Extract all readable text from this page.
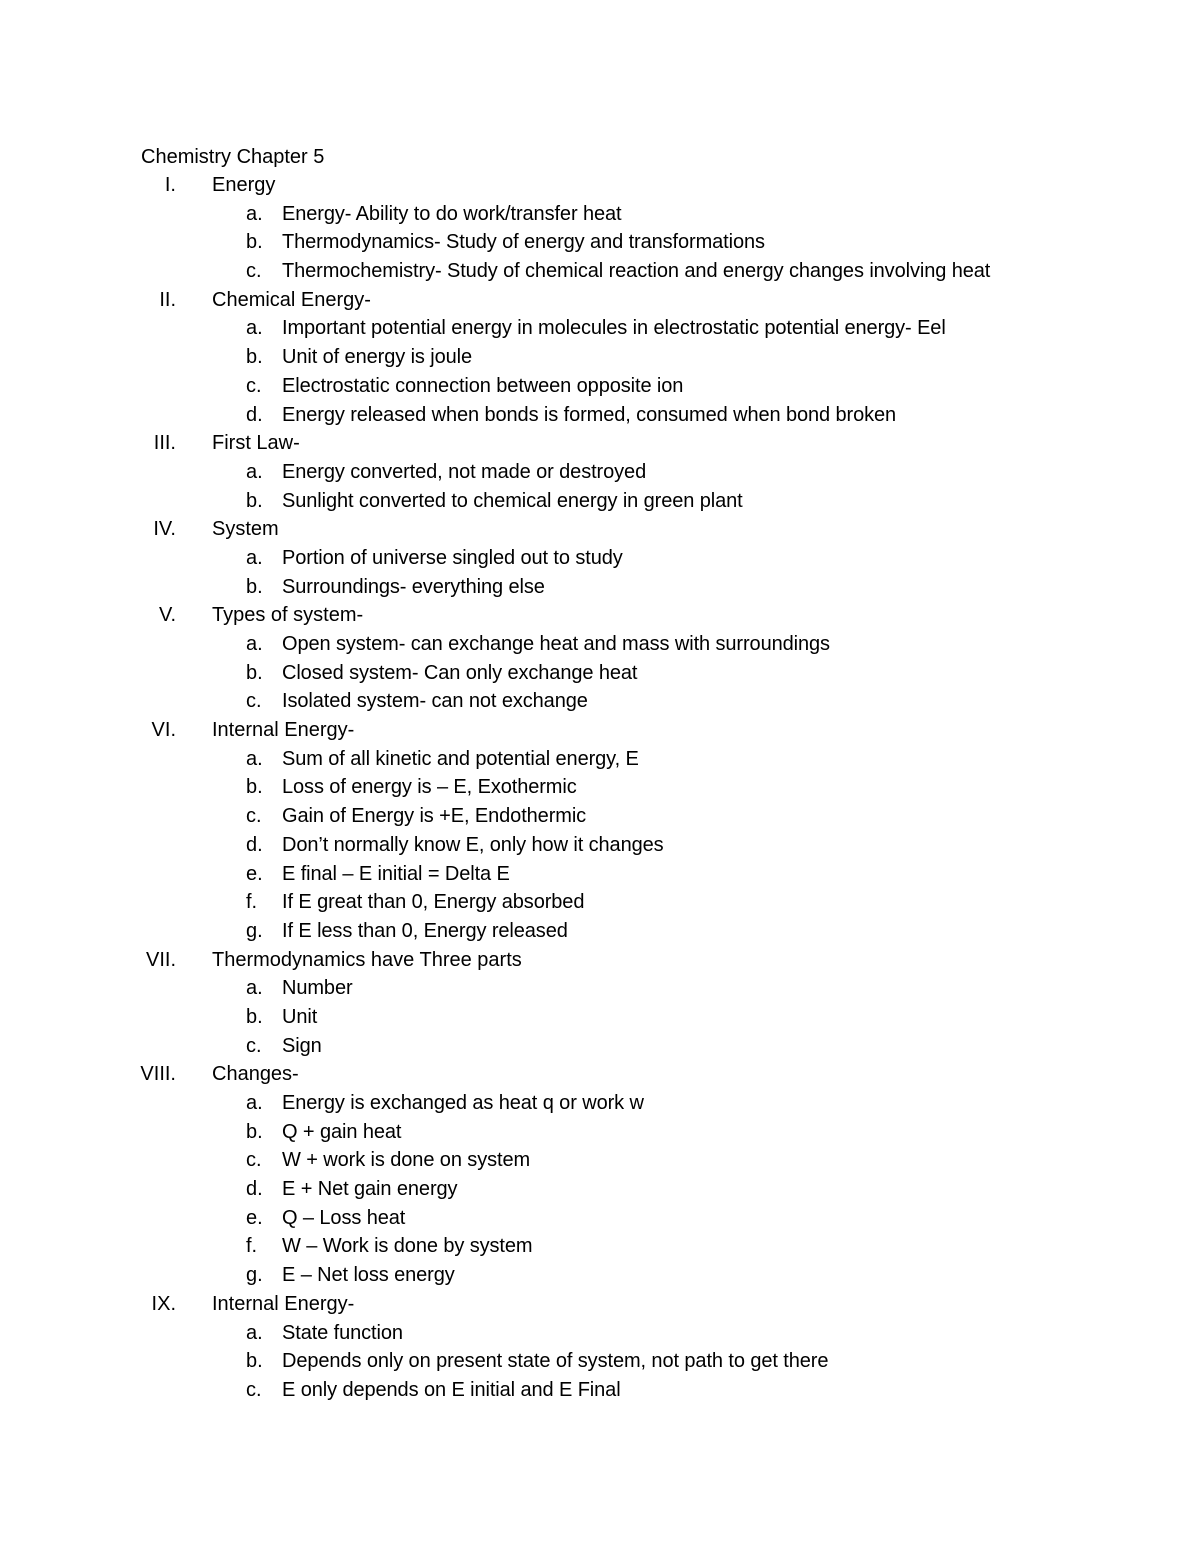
Chemistry Chapter 5
I. Energy
a. Energy- Ability to do work/transfer heat
b. Thermodynamics- Study of energy and transformations
c. Thermochemistry- Study of chemical reaction and energy changes involving heat
II. Chemical Energy-
a. Important potential energy in molecules in electrostatic potential energy- Eel
b. Unit of energy is joule
c. Electrostatic connection between opposite ion
d. Energy released when bonds is formed, consumed when bond broken
III. First Law-
a. Energy converted, not made or destroyed
b. Sunlight converted to chemical energy in green plant
IV. System
a. Portion of universe singled out to study
b. Surroundings- everything else
V. Types of system-
a. Open system- can exchange heat and mass with surroundings
b. Closed system- Can only exchange heat
c. Isolated system- can not exchange
VI. Internal Energy-
a. Sum of all kinetic and potential energy, E
b. Loss of energy is – E, Exothermic
c. Gain of Energy is +E, Endothermic
d. Don’t normally know E, only how it changes
e. E final – E initial = Delta E
f. If E great than 0, Energy absorbed
g. If E less than 0, Energy released
VII. Thermodynamics have Three parts
a. Number
b. Unit
c. Sign
VIII. Changes-
a. Energy is exchanged as heat q or work w
b. Q + gain heat
c. W + work is done on system
d. E + Net gain energy
e. Q – Loss heat
f. W – Work is done by system
g. E – Net loss energy
IX. Internal Energy-
a. State function
b. Depends only on present state of system, not path to get there
c. E only depends on E initial and E Final
